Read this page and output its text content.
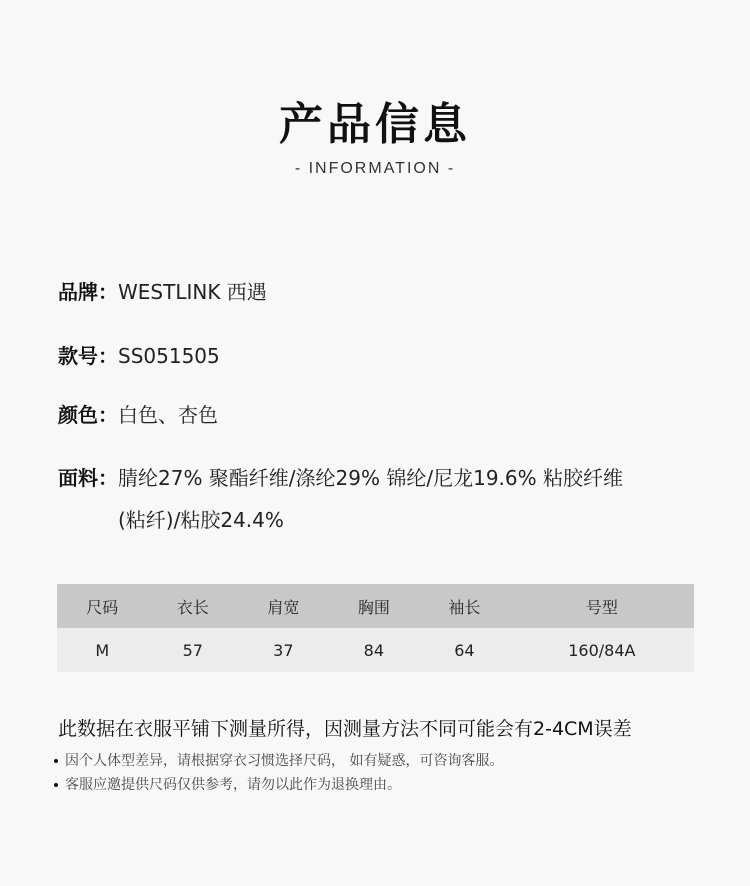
产品信息
- INFORMATION -
品牌：WESTLINK 西遇
款号：SS051505
颜色：白色、杏色
面料：腈纶27% 聚酯纤维/涤纶29% 锦纶/尼龙19.6% 粘胶纤维(粘纤)/粘胶24.4%
尺码	衣长	肩宽	胸围	袖长	号型
M	57	37	84	64	160/84A
此数据在衣服平铺下测量所得，因测量方法不同可能会有2-4CM误差
因个人体型差异，请根据穿衣习惯选择尺码， 如有疑惑，可咨询客服。
客服应邀提供尺码仅供参考，请勿以此作为退换理由。
